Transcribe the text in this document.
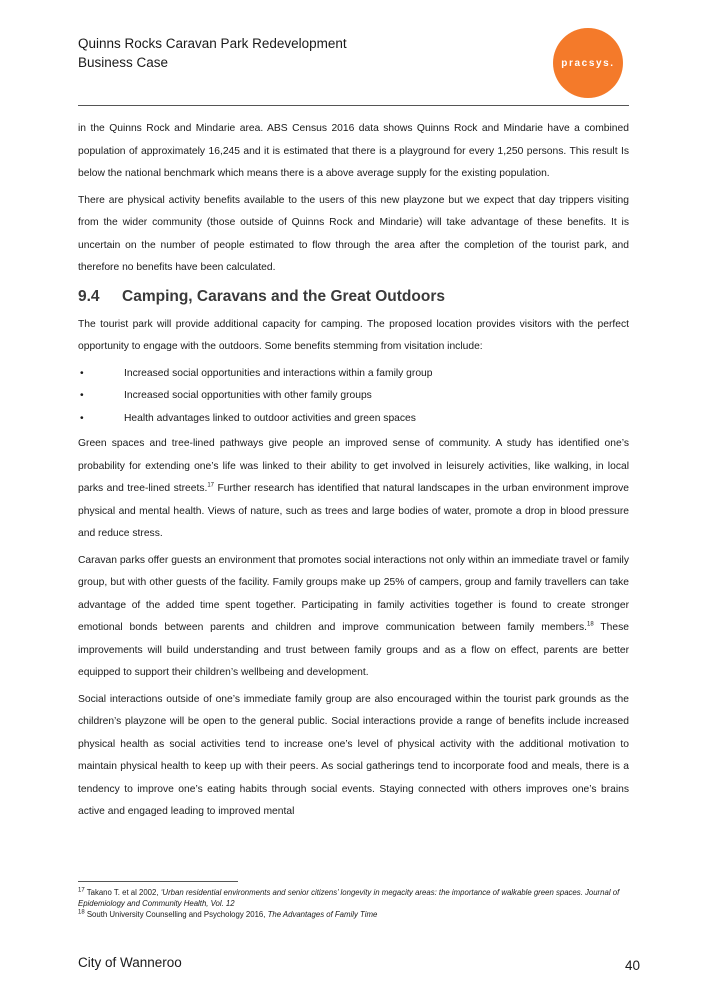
Quinns Rocks Caravan Park Redevelopment
Business Case	pracsys.

in the Quinns Rock and Mindarie area. ABS Census 2016 data shows Quinns Rock and Mindarie have a combined population of approximately 16,245 and it is estimated that there is a playground for every 1,250 persons. This result Is below the national benchmark which means there is a above average supply for the existing population.

There are physical activity benefits available to the users of this new playzone but we expect that day trippers visiting from the wider community (those outside of Quinns Rock and Mindarie) will take advantage of these benefits. It is uncertain on the number of people estimated to flow through the area after the completion of the tourist park, and therefore no benefits have been calculated.

9.4	Camping, Caravans and the Great Outdoors

The tourist park will provide additional capacity for camping. The proposed location provides visitors with the perfect opportunity to engage with the outdoors. Some benefits stemming from visitation include:

•	Increased social opportunities and interactions within a family group
•	Increased social opportunities with other family groups
•	Health advantages linked to outdoor activities and green spaces

Green spaces and tree-lined pathways give people an improved sense of community. A study has identified one’s probability for extending one’s life was linked to their ability to get involved in leisurely activities, like walking, in local parks and tree-lined streets.$^{17}$ Further research has identified that natural landscapes in the urban environment improve physical and mental health. Views of nature, such as trees and large bodies of water, promote a drop in blood pressure and reduce stress.

Caravan parks offer guests an environment that promotes social interactions not only within an immediate travel or family group, but with other guests of the facility. Family groups make up 25% of campers, group and family travellers can take advantage of the added time spent together. Participating in family activities together is found to create stronger emotional bonds between parents and children and improve communication between family members.$^{18}$ These improvements will build understanding and trust between family groups and as a flow on effect, parents are better equipped to support their children’s wellbeing and development.

Social interactions outside of one’s immediate family group are also encouraged within the tourist park grounds as the children’s playzone will be open to the general public. Social interactions provide a range of benefits include increased physical health as social activities tend to increase one’s level of physical activity with the additional motivation to maintain physical health to keep up with their peers. As social gatherings tend to incorporate food and meals, there is a tendency to improve one’s eating habits through social events. Staying connected with others improves one’s brains active and engaged leading to improved mental

$^{17}$ Takano T. et al 2002, ‘Urban residential environments and senior citizens’ longevity in megacity areas: the importance of walkable green spaces. Journal of Epidemiology and Community Health, Vol. 12
$^{18}$ South University Counselling and Psychology 2016, The Advantages of Family Time
City of Wanneroo	40
